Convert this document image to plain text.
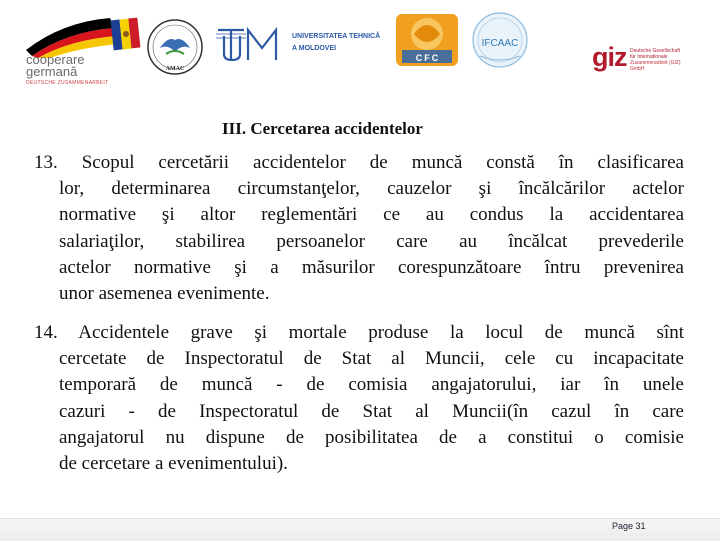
cooperare
germană
DEUTSCHE ZUSAMMENARBEIT
AMAC
UNIVERSITATEA TEHNICĂ
A MOLDOVEI
CFC
IFCAAC	giz Deutsche Gesellschaft
für Internationale
Zusammenarbeit (GIZ) GmbH
III. Cercetarea accidentelor
13. Scopul cercetării accidentelor de muncă constă în clasificarea
lor, determinarea circumstanţelor, cauzelor şi încălcărilor actelor
normative şi altor reglementări ce au condus la accidentarea
salariaţilor, stabilirea persoanelor care au încălcat prevederile
actelor normative şi a măsurilor corespunzătoare întru prevenirea
unor asemenea evenimente.
14. Accidentele grave şi mortale produse la locul de muncă sînt
cercetate de Inspectoratul de Stat al Muncii, cele cu incapacitate
temporară de muncă - de comisia angajatorului, iar în unele
cazuri - de Inspectoratul de Stat al Muncii(în cazul în care
angajatorul nu dispune de posibilitatea de a constitui o comisie
de cercetare a evenimentului).
Page 31
